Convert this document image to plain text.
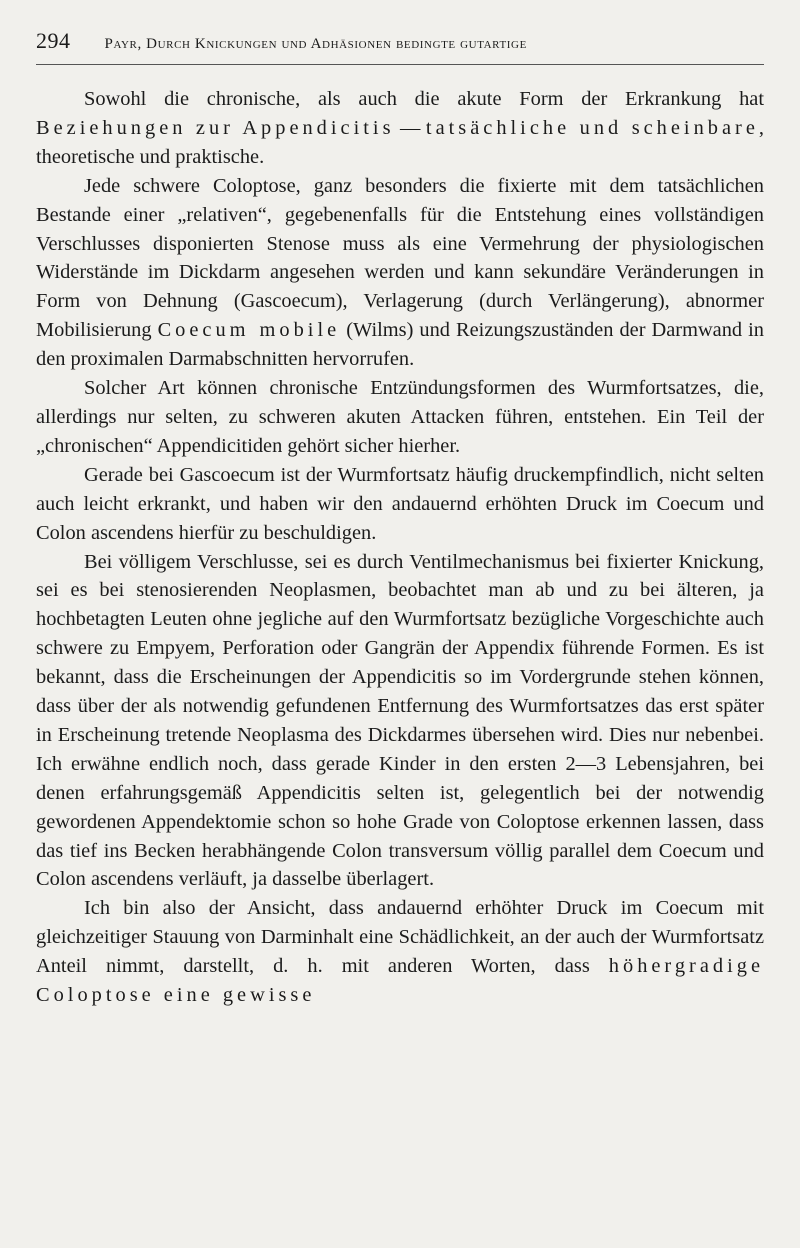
294 Payr, Durch Knickungen und Adhäsionen bedingte gutartige

Sowohl die chronische, als auch die akute Form der Erkrankung hat Beziehungen zur Appendicitis — tatsächliche und scheinbare, theoretische und praktische.

Jede schwere Coloptose, ganz besonders die fixierte mit dem tatsächlichen Bestande einer „relativen“, gegebenenfalls für die Entstehung eines vollständigen Verschlusses disponierten Stenose muss als eine Vermehrung der physiologischen Widerstände im Dickdarm angesehen werden und kann sekundäre Veränderungen in Form von Dehnung (Gascoecum), Verlagerung (durch Verlängerung), abnormer Mobilisierung Coecum mobile (Wilms) und Reizungszuständen der Darmwand in den proximalen Darmabschnitten hervorrufen.

Solcher Art können chronische Entzündungsformen des Wurmfortsatzes, die, allerdings nur selten, zu schweren akuten Attacken führen, entstehen. Ein Teil der „chronischen“ Appendicitiden gehört sicher hierher.

Gerade bei Gascoecum ist der Wurmfortsatz häufig druckempfindlich, nicht selten auch leicht erkrankt, und haben wir den andauernd erhöhten Druck im Coecum und Colon ascendens hierfür zu beschuldigen.

Bei völligem Verschlusse, sei es durch Ventilmechanismus bei fixierter Knickung, sei es bei stenosierenden Neoplasmen, beobachtet man ab und zu bei älteren, ja hochbetagten Leuten ohne jegliche auf den Wurmfortsatz bezügliche Vorgeschichte auch schwere zu Empyem, Perforation oder Gangrän der Appendix führende Formen. Es ist bekannt, dass die Erscheinungen der Appendicitis so im Vordergrunde stehen können, dass über der als notwendig gefundenen Entfernung des Wurmfortsatzes das erst später in Erscheinung tretende Neoplasma des Dickdarmes übersehen wird. Dies nur nebenbei. Ich erwähne endlich noch, dass gerade Kinder in den ersten 2—3 Lebensjahren, bei denen erfahrungsgemäß Appendicitis selten ist, gelegentlich bei der notwendig gewordenen Appendektomie schon so hohe Grade von Coloptose erkennen lassen, dass das tief ins Becken herabhängende Colon transversum völlig parallel dem Coecum und Colon ascendens verläuft, ja dasselbe überlagert.

Ich bin also der Ansicht, dass andauernd erhöhter Druck im Coecum mit gleichzeitiger Stauung von Darminhalt eine Schädlichkeit, an der auch der Wurmfortsatz Anteil nimmt, darstellt, d. h. mit anderen Worten, dass höhergradige Coloptose eine gewisse
